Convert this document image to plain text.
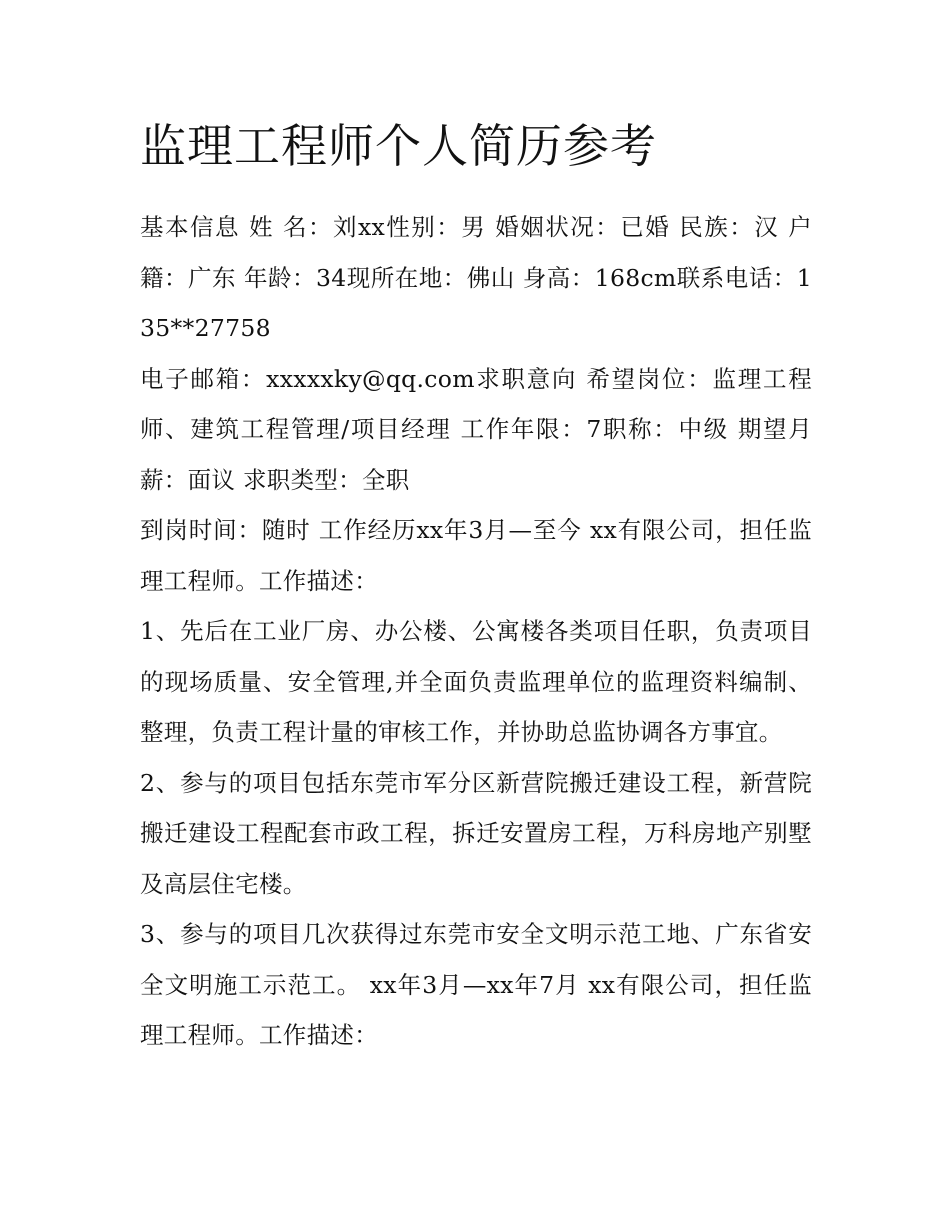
监理工程师个人简历参考

基本信息 姓 名：刘xx性别：男 婚姻状况：已婚 民族：汉 户籍：广东 年龄：34现所在地：佛山 身高：168cm联系电话：135**27758

电子邮箱：xxxxxky@qq.com求职意向 希望岗位：监理工程师、建筑工程管理/项目经理 工作年限：7职称：中级 期望月薪：面议 求职类型：全职

到岗时间：随时 工作经历xx年3月—至今 xx有限公司，担任监理工程师。工作描述：

1、先后在工业厂房、办公楼、公寓楼各类项目任职，负责项目的现场质量、安全管理,并全面负责监理单位的监理资料编制、整理，负责工程计量的审核工作，并协助总监协调各方事宜。

2、参与的项目包括东莞市军分区新营院搬迁建设工程，新营院搬迁建设工程配套市政工程，拆迁安置房工程，万科房地产别墅及高层住宅楼。

3、参与的项目几次获得过东莞市安全文明示范工地、广东省安全文明施工示范工。 xx年3月—xx年7月 xx有限公司，担任监理工程师。工作描述：
